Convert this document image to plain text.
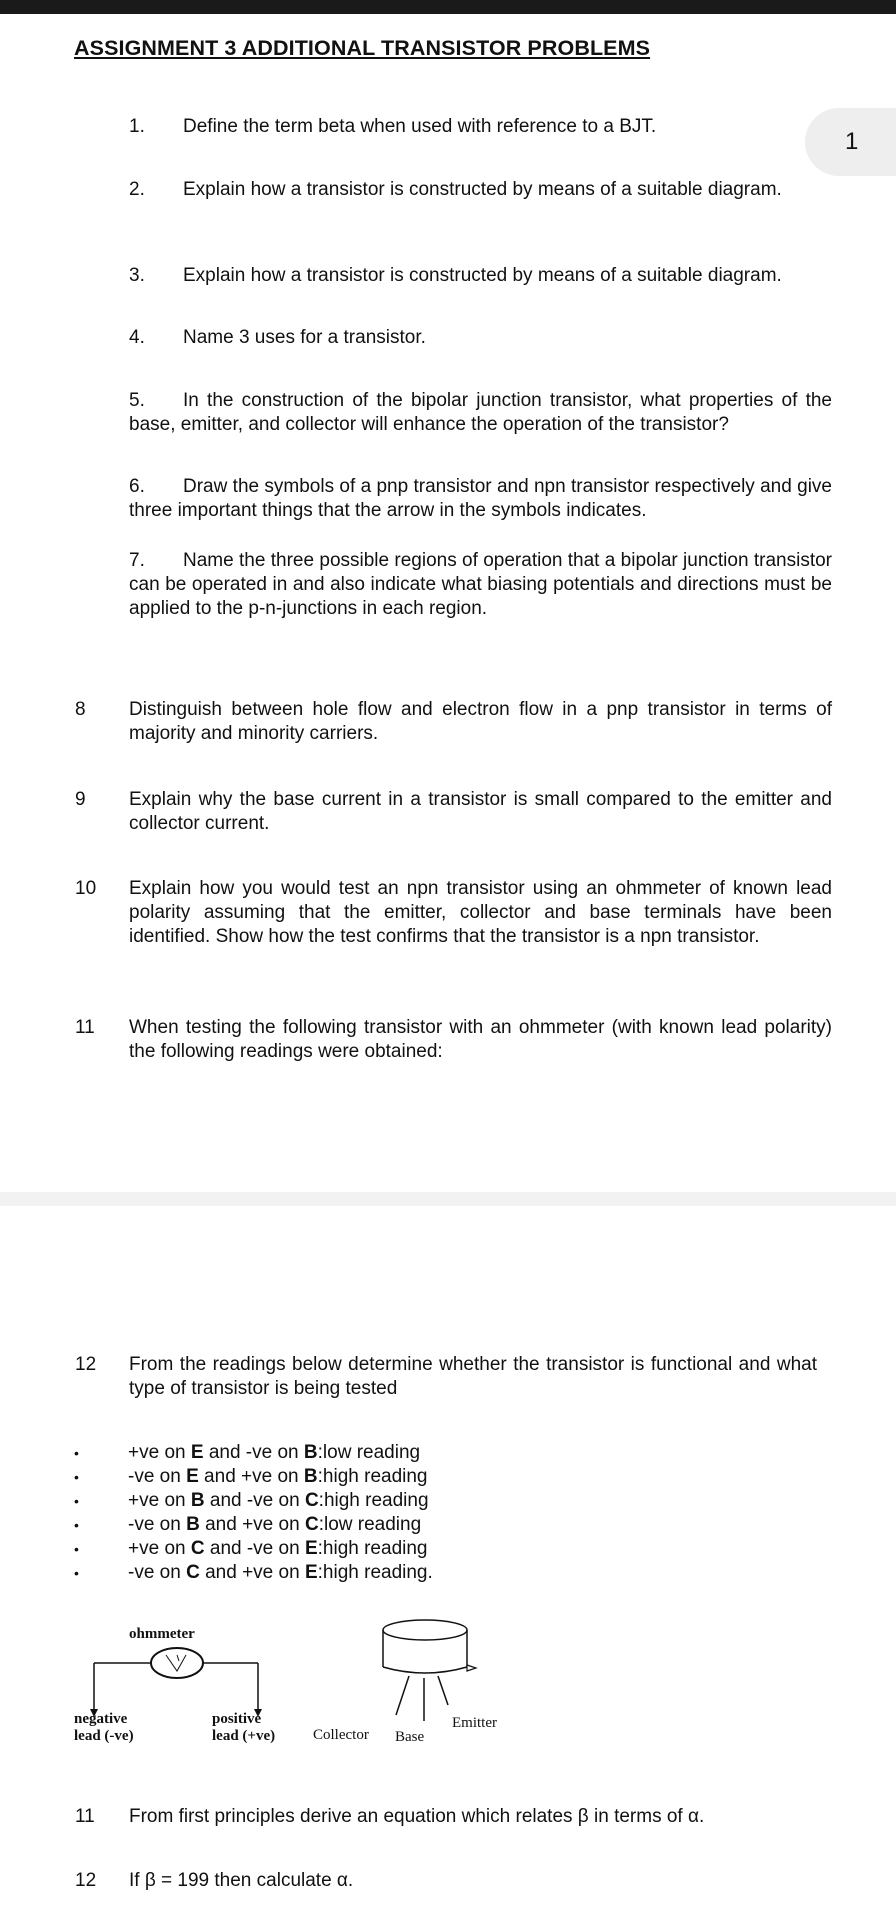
ASSIGNMENT 3 ADDITIONAL TRANSISTOR PROBLEMS
1
1. Define the term beta when used with reference to a BJT.
2. Explain how a transistor is constructed by means of a suitable diagram.
3. Explain how a transistor is constructed by means of a suitable diagram.
4. Name 3 uses for a transistor.
5. In the construction of the bipolar junction transistor, what properties of the base, emitter, and collector will enhance the operation of the transistor?
6. Draw the symbols of a pnp transistor and npn transistor respectively and give three important things that the arrow in the symbols indicates.
7. Name the three possible regions of operation that a bipolar junction transistor can be operated in and also indicate what biasing potentials and directions must be applied to the p-n-junctions in each region.
8 Distinguish between hole flow and electron flow in a pnp transistor in terms of majority and minority carriers.
9 Explain why the base current in a transistor is small compared to the emitter and collector current.
10 Explain how you would test an npn transistor using an ohmmeter of known lead polarity assuming that the emitter, collector and base terminals have been identified. Show how the test confirms that the transistor is a npn transistor.
11 When testing the following transistor with an ohmmeter (with known lead polarity) the following readings were obtained:
12 From the readings below determine whether the transistor is functional and what type of transistor is being tested
• +ve on E and -ve on B:low reading
• -ve on E and +ve on B:high reading
• +ve on B and -ve on C:high reading
• -ve on B and +ve on C:low reading
• +ve on C and -ve on E:high reading
• -ve on C and +ve on E:high reading.
ohmmeter
negative
lead (-ve)
positive
lead (+ve)	Collector Base
Emitter
11 From first principles derive an equation which relates β in terms of α.
12 If β = 199 then calculate α.
